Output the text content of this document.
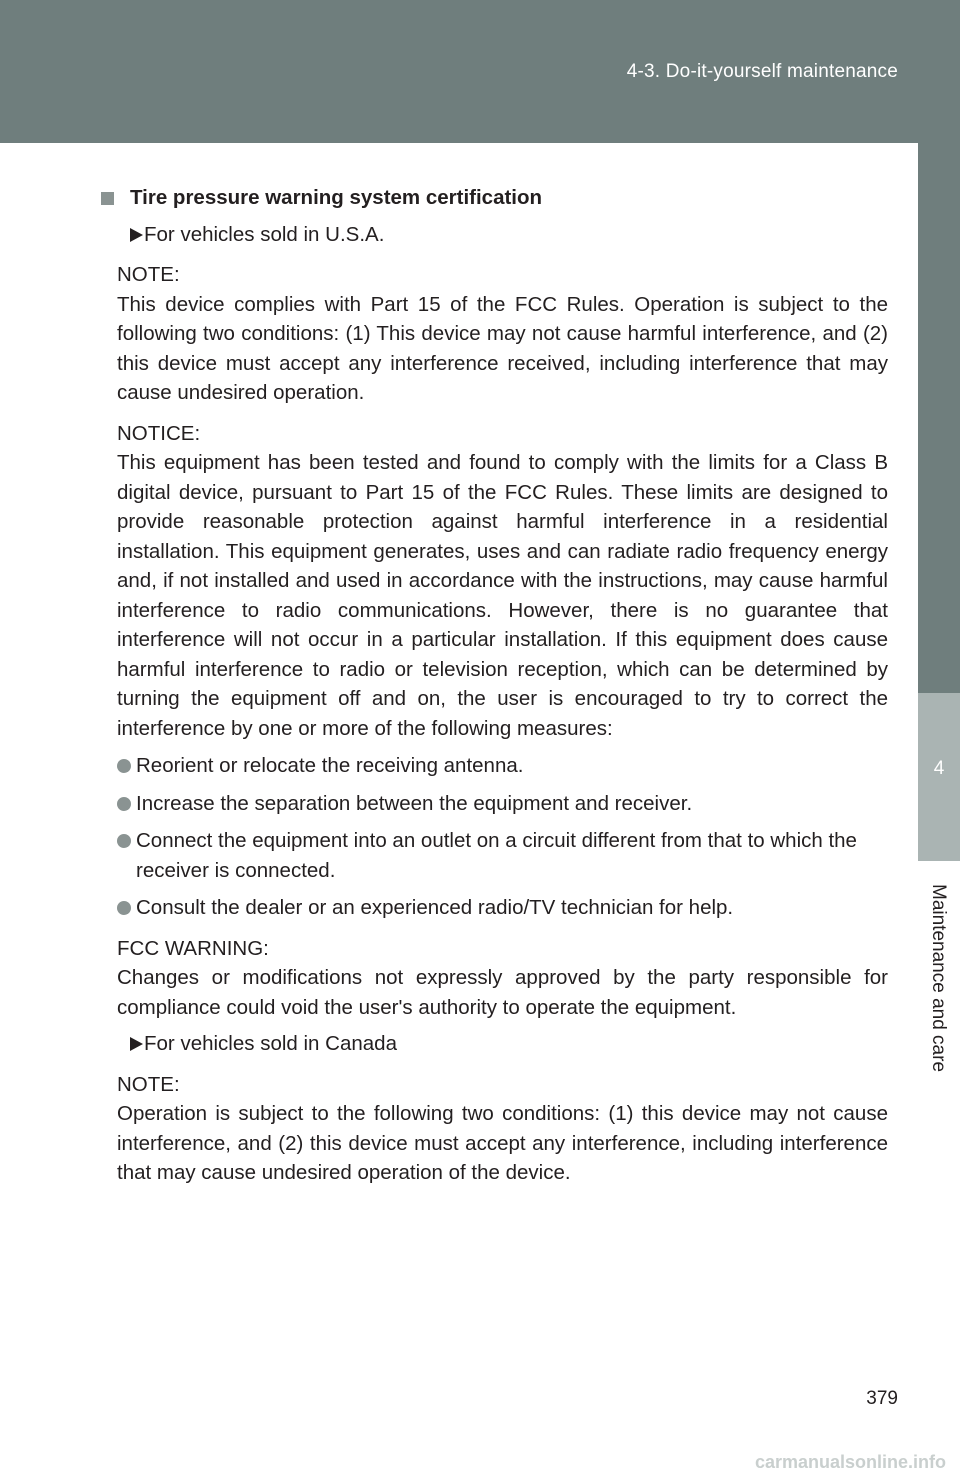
4-3. Do-it-yourself maintenance
4
Maintenance and care

Tire pressure warning system certification

For vehicles sold in U.S.A.

NOTE:

This device complies with Part 15 of the FCC Rules. Operation is subject to the following two conditions: (1) This device may not cause harmful interference, and (2) this device must accept any interference received, including interference that may cause undesired operation.

NOTICE:

This equipment has been tested and found to comply with the limits for a Class B digital device, pursuant to Part 15 of the FCC Rules. These limits are designed to provide reasonable protection against harmful interference in a residential installation. This equipment generates, uses and can radiate radio frequency energy and, if not installed and used in accordance with the instructions, may cause harmful interference to radio communications. However, there is no guarantee that interference will not occur in a particular installation. If this equipment does cause harmful interference to radio or television reception, which can be determined by turning the equipment off and on, the user is encouraged to try to correct the interference by one or more of the following measures:

Reorient or relocate the receiving antenna.

Increase the separation between the equipment and receiver.

Connect the equipment into an outlet on a circuit different from that to which the receiver is connected.

Consult the dealer or an experienced radio/TV technician for help.

FCC WARNING:

Changes or modifications not expressly approved by the party responsible for compliance could void the user's authority to operate the equipment.

For vehicles sold in Canada

NOTE:

Operation is subject to the following two conditions: (1) this device may not cause interference, and (2) this device must accept any interference, including interference that may cause undesired operation of the device.

379
carmanualsonline.info
